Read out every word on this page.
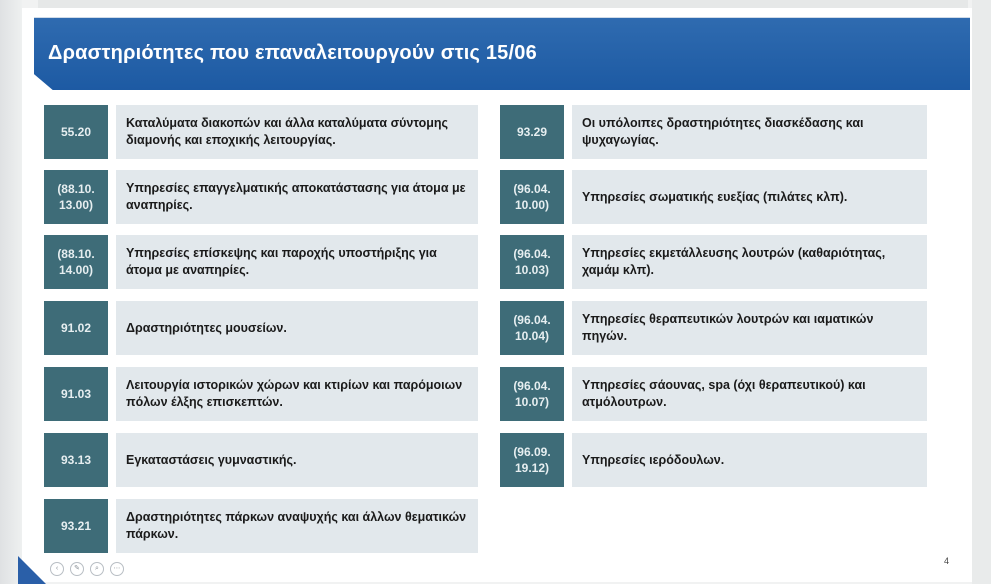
Δραστηριότητες που επαναλειτουργούν στις 15/06
55.20
Καταλύματα διακοπών και άλλα καταλύματα σύντομης διαμονής και εποχικής λειτουργίας.
(88.10. 13.00)
Υπηρεσίες επαγγελματικής αποκατάστασης για άτομα με αναπηρίες.
(88.10. 14.00)
Υπηρεσίες επίσκεψης και παροχής υποστήριξης για άτομα με αναπηρίες.
91.02	Δραστηριότητες μουσείων.
91.03
Λειτουργία ιστορικών χώρων και κτιρίων και παρόμοιων πόλων έλξης επισκεπτών.
93.13	Εγκαταστάσεις γυμναστικής.
93.21
Δραστηριότητες πάρκων αναψυχής και άλλων θεματικών πάρκων.
93.29
Οι υπόλοιπες δραστηριότητες διασκέδασης και ψυχαγωγίας.
(96.04. 10.00)
Υπηρεσίες σωματικής ευεξίας (πιλάτες κλπ).
(96.04. 10.03)
Υπηρεσίες εκμετάλλευσης λουτρών (καθαριότητας, χαμάμ κλπ).
(96.04. 10.04)
Υπηρεσίες θεραπευτικών λουτρών και ιαματικών πηγών.
(96.04. 10.07)
Υπηρεσίες σάουνας, spa (όχι θεραπευτικού) και ατμόλουτρων.
(96.09. 19.12)
Υπηρεσίες ιερόδουλων.
‹	✎	⌕	⋯
4
